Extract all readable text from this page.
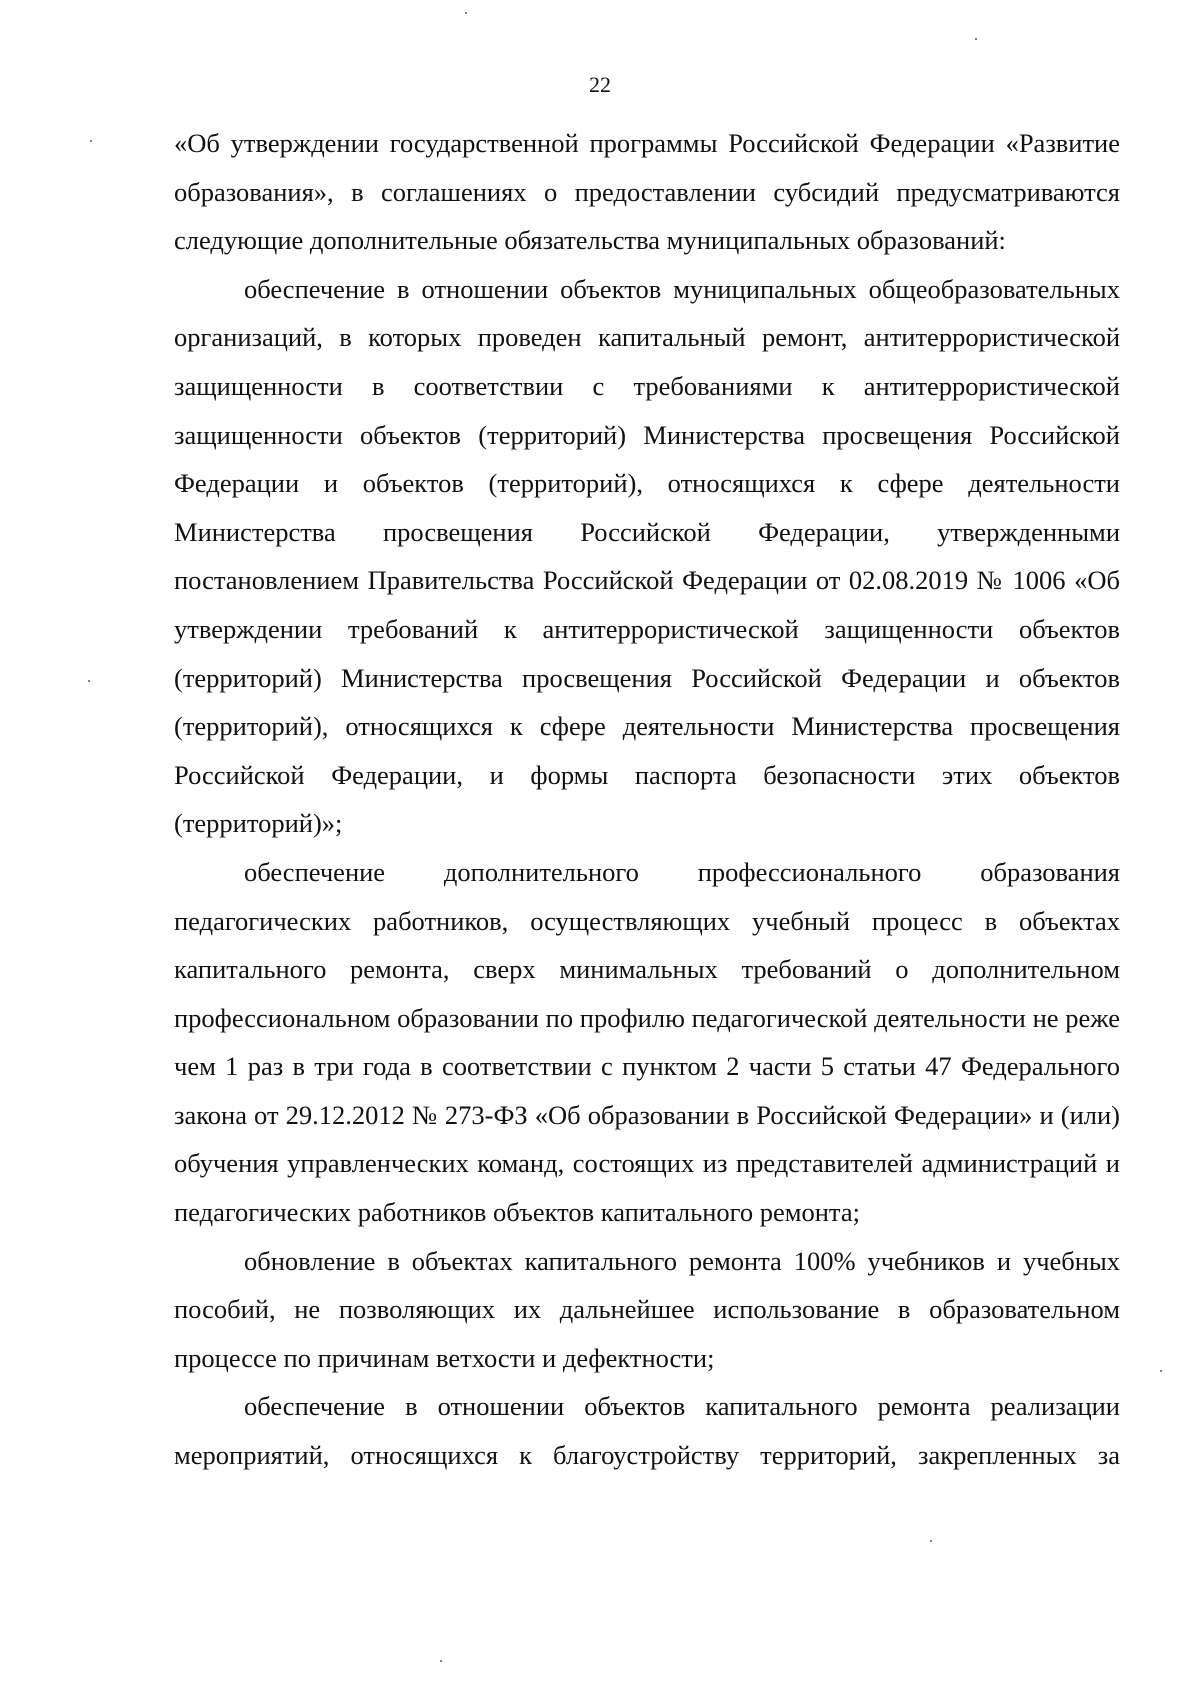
22

«Об утверждении государственной программы Российской Федерации «Развитие образования», в соглашениях о предоставлении субсидий предусматриваются следующие дополнительные обязательства муниципальных образований:

обеспечение в отношении объектов муниципальных общеобразовательных организаций, в которых проведен капитальный ремонт, антитеррористической защищенности в соответствии с требованиями к антитеррористической защищенности объектов (территорий) Министерства просвещения Российской Федерации и объектов (территорий), относящихся к сфере деятельности Министерства просвещения Российской Федерации, утвержденными постановлением Правительства Российской Федерации от 02.08.2019 № 1006 «Об утверждении требований к антитеррористической защищенности объектов (территорий) Министерства просвещения Российской Федерации и объектов (территорий), относящихся к сфере деятельности Министерства просвещения Российской Федерации, и формы паспорта безопасности этих объектов (территорий)»;

обеспечение дополнительного профессионального образования педагогических работников, осуществляющих учебный процесс в объектах капитального ремонта, сверх минимальных требований о дополнительном профессиональном образовании по профилю педагогической деятельности не реже чем 1 раз в три года в соответствии с пунктом 2 части 5 статьи 47 Федерального закона от 29.12.2012 № 273-ФЗ «Об образовании в Российской Федерации» и (или) обучения управленческих команд, состоящих из представителей администраций и педагогических работников объектов капитального ремонта;

обновление в объектах капитального ремонта 100% учебников и учебных пособий, не позволяющих их дальнейшее использование в образовательном процессе по причинам ветхости и дефектности;

обеспечение в отношении объектов капитального ремонта реализации мероприятий, относящихся к благоустройству территорий, закрепленных за
